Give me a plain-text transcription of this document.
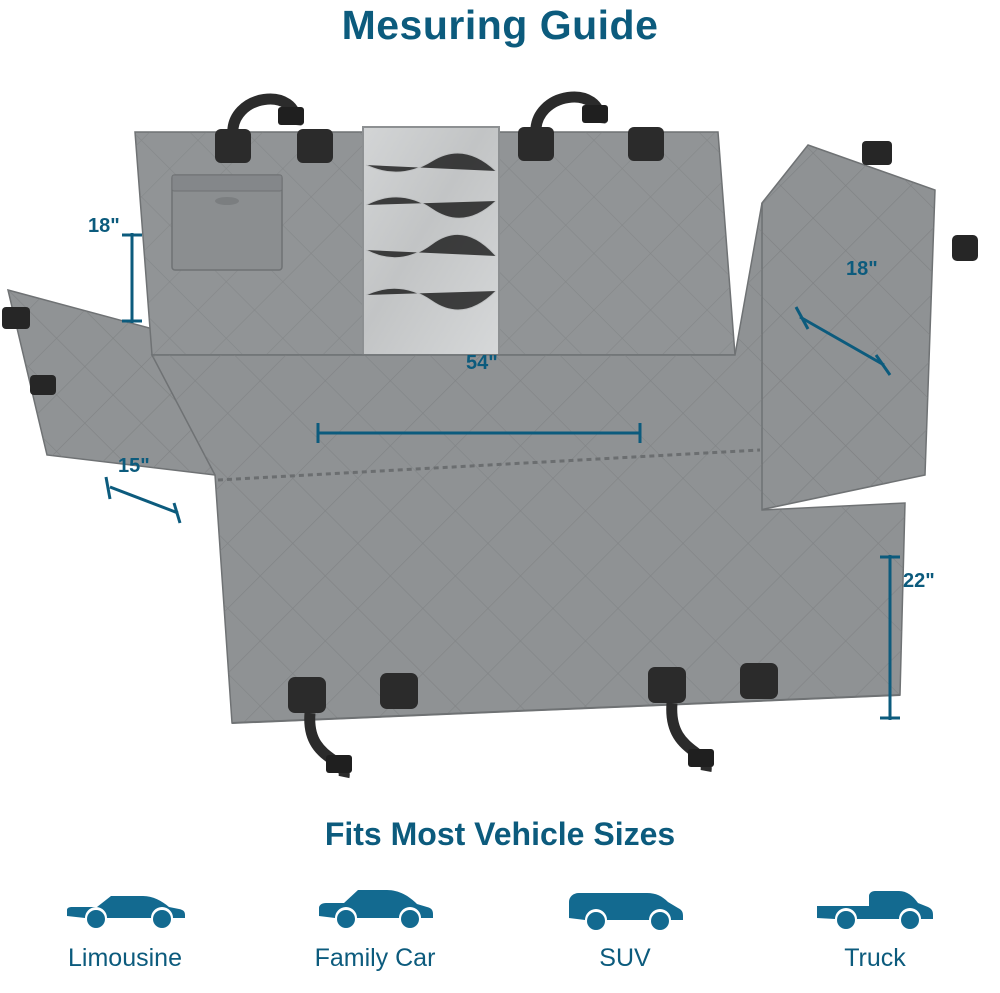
Mesuring Guide
18"
54"
18"
15"
22"
Fits Most Vehicle Sizes
Limousine	Family Car	SUV	Truck
